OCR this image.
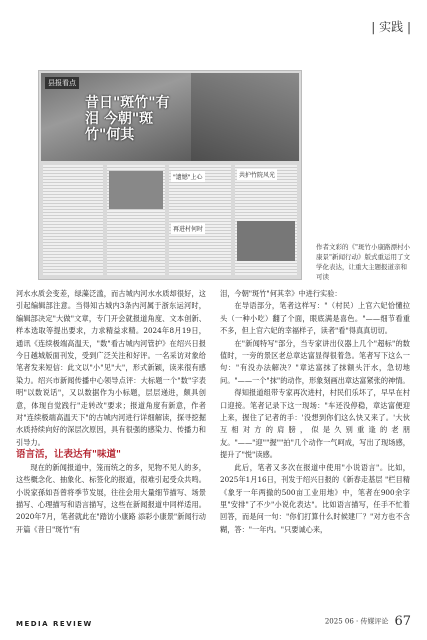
| 实践 |
县报看点
昔日"斑竹"有泪 今朝"斑竹"何其
"遗憾"上心
再进村何时
共护竹院风光
作者文彩的《"斑竹小康路漂村小康景"新闻行动》版式重运用了文学化表达，让重大主题报道亲和可读

河水水质会变差，绿藻泛滥，而古城内河水水质却很好，这引起编辑部注意。当得知古城内3条内河属于浙东运河时，编辑部决定"大做"文章，专门开会就报道角度、文本创新、样本选取等提出要求，力求精益求精。2024年8月19日，通讯《连续极端高温天，"数"看古城内河管护》在绍兴日报今日越城版面刊发，受到广泛关注和好评。一名采访对象给笔者发来短信：此文以"小"见"大"，形式新颖，读来很有感染力。绍兴市新闻传播中心领导点评：大标题一个"数"字表明"以数说话"，又以数据作为小标题，层层递进，颇具创意，体现自觉践行"走转改"要求；报道角度有新意，作者对"连续极端高温天下"的古城内河进行详细解读，探寻挖掘水质持续向好的深层次原因，具有很强的感染力、传播力和引导力。

语言活，让表达有"味道"

现在的新闻报道中，笼而统之的多，见物不见人的多，这些概念化、抽象化、标签化的报道，很难引起受众共鸣。小说家孫如吾曾将季节发展，往往会用大量细节描写、场景描写、心理描写和语言描写，这些在新闻报道中同样适用。2020年7月，笔者就此在"踏访小康路 添彩小康景"新闻行动开篇《昔日"斑竹"有

泪，今朝"斑竹"何其幸》中进行实验：

在导语部分，笔者这样写："（村民）上官六妃恰懂拉头（一种小吃）翻了个面，眼底满是喜色。"——细节看重不多，但上官六妃的幸福样子，读者"看"得真真切切。

在"新闻特写"部分，当专家讲出仪器上几个"超标"的数值时，一旁的景区老总章达富显得很着急。笔者写下这么一句："有没办法解决？"章达富抹了抹额头汗水，急切地问。"——一个"抹"的动作，形象刻画出章达富紧张的神情。

得知报道组带专家再次进村，村民们乐坏了，早早在村口迎接。笔者记录下这一现场："车还没停稳，章达富便迎上来，握住了记者的手：'没想到你们这么快又来了。'大伙互相对方的肩膀，似是久别重逢的老朋友。"——"迎""握""拍"几个动作一气呵成，写出了现场感，提升了"悦"读感。

此后，笔者又多次在报道中使用"小说语言"。比如，2025年1月16日，刊发于绍兴日报的《新春走基层 "栏目精《象牙一年两撤的500亩工业用地》中，笔者在900余字里"安排"了不少"小说化表达"。比如语言描写，任手不忙着回答，而是问一句："你们打算什么时候建厂？"对方也不含糊，答："一年内。"只要诚心来，

MEDIA REVIEW	2025 06 · 传媒评论 67
